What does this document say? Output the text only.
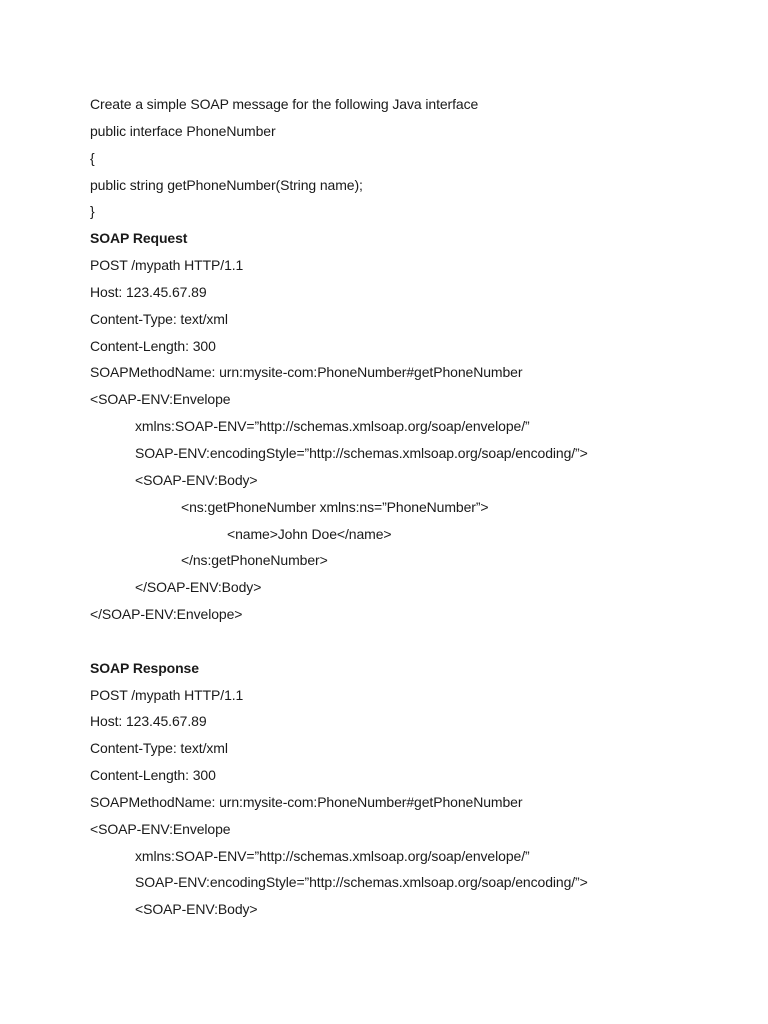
Create a simple SOAP message for the following Java interface
public interface PhoneNumber
{
public string getPhoneNumber(String name);
}
SOAP Request
POST /mypath HTTP/1.1
Host: 123.45.67.89
Content-Type: text/xml
Content-Length: 300
SOAPMethodName: urn:mysite-com:PhoneNumber#getPhoneNumber
<SOAP-ENV:Envelope
xmlns:SOAP-ENV=”http://schemas.xmlsoap.org/soap/envelope/”
SOAP-ENV:encodingStyle=”http://schemas.xmlsoap.org/soap/encoding/”>
<SOAP-ENV:Body>
<ns:getPhoneNumber xmlns:ns=”PhoneNumber”>
<name>John Doe</name>
</ns:getPhoneNumber>
</SOAP-ENV:Body>
</SOAP-ENV:Envelope>
SOAP Response
POST /mypath HTTP/1.1
Host: 123.45.67.89
Content-Type: text/xml
Content-Length: 300
SOAPMethodName: urn:mysite-com:PhoneNumber#getPhoneNumber
<SOAP-ENV:Envelope
xmlns:SOAP-ENV=”http://schemas.xmlsoap.org/soap/envelope/”
SOAP-ENV:encodingStyle=”http://schemas.xmlsoap.org/soap/encoding/”>
<SOAP-ENV:Body>
